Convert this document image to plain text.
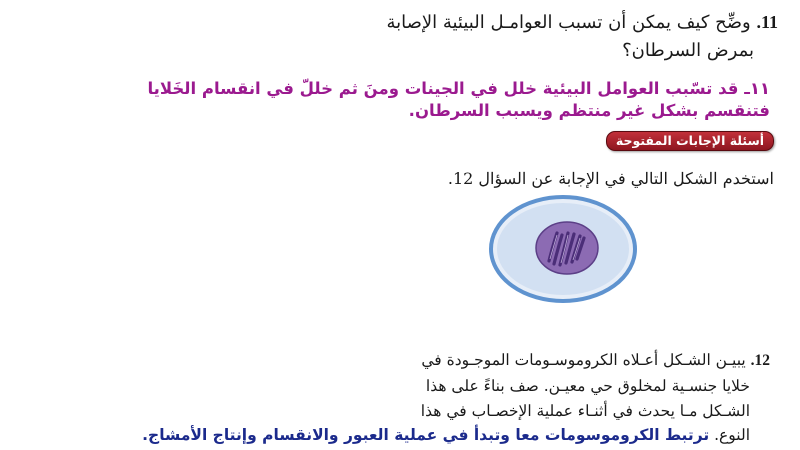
11. وضِّح كيف يمكن أن تسبب العوامـل البيئية الإصابة
بمرض السرطان؟
١١ـ قد تسّبب العوامل البيئية خلل في الجينات ومنَ ثم خللّ في انقسام الخَلايا
فتنقسم بشكل غير منتظم ويسبب السرطان.
أسئلة الإجابات المفتوحة
استخدم الشكل التالي في الإجابة عن السؤال 12.
12. يبيـن الشـكل أعـلاه الكروموسـومات الموجـودة في
خلايا جنسـية لمخلوق حي معيـن. صف بناءً على هذا
الشـكل مـا يحدث في أثنـاء عملية الإخصـاب في هذا
النوع. ترتبط الكروموسومات معا وتبدأ في عملية العبور والانقسام وإنتاج الأمشاج.
